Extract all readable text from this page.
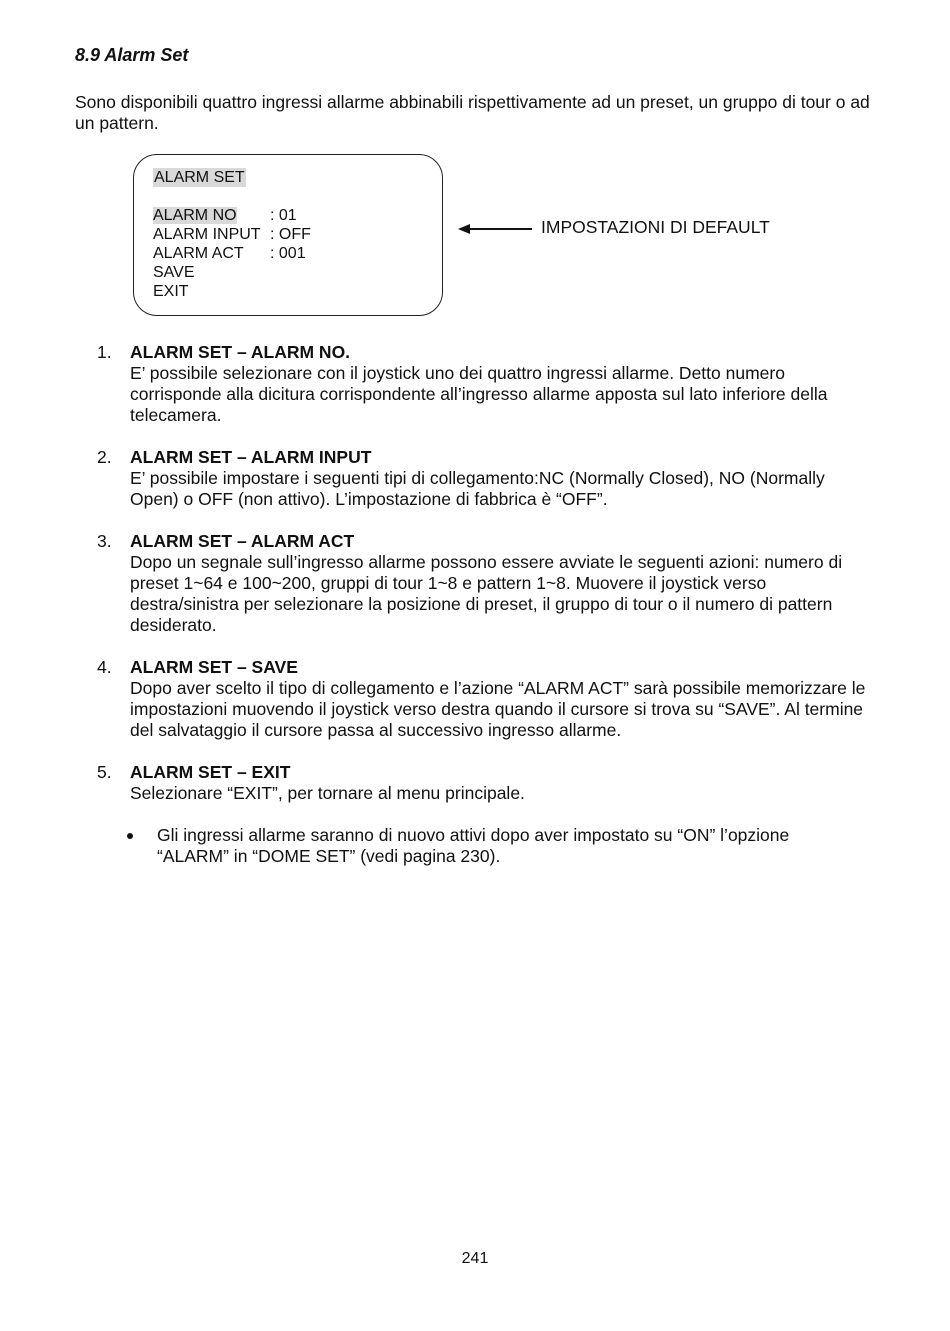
8.9 Alarm Set

Sono disponibili quattro ingressi allarme abbinabili rispettivamente ad un preset, un gruppo di tour o ad un pattern.

ALARM SET
ALARM NO	: 01
ALARM INPUT : OFF
ALARM ACT	: 001
SAVE
EXIT
IMPOSTAZIONI DI DEFAULT
1. ALARM SET – ALARM NO.
E’ possibile selezionare con il joystick uno dei quattro ingressi allarme. Detto numero corrisponde alla dicitura corrispondente all’ingresso allarme apposta sul lato inferiore della telecamera.
2. ALARM SET – ALARM INPUT
E’ possibile impostare i seguenti tipi di collegamento:NC (Normally Closed), NO (Normally Open) o OFF (non attivo). L’impostazione di fabbrica è “OFF”.
3. ALARM SET – ALARM ACT
Dopo un segnale sull’ingresso allarme possono essere avviate le seguenti azioni: numero di preset 1~64 e 100~200, gruppi di tour 1~8 e pattern 1~8. Muovere il joystick verso destra/sinistra per selezionare la posizione di preset, il gruppo di tour o il numero di pattern desiderato.
4. ALARM SET – SAVE
Dopo aver scelto il tipo di collegamento e l’azione “ALARM ACT” sarà possibile memorizzare le impostazioni muovendo il joystick verso destra quando il cursore si trova su “SAVE”. Al termine del salvataggio il cursore passa al successivo ingresso allarme.
5. ALARM SET – EXIT
Selezionare “EXIT”, per tornare al menu principale.
Gli ingressi allarme saranno di nuovo attivi dopo aver impostato su “ON” l’opzione “ALARM” in “DOME SET” (vedi pagina 230).
241
